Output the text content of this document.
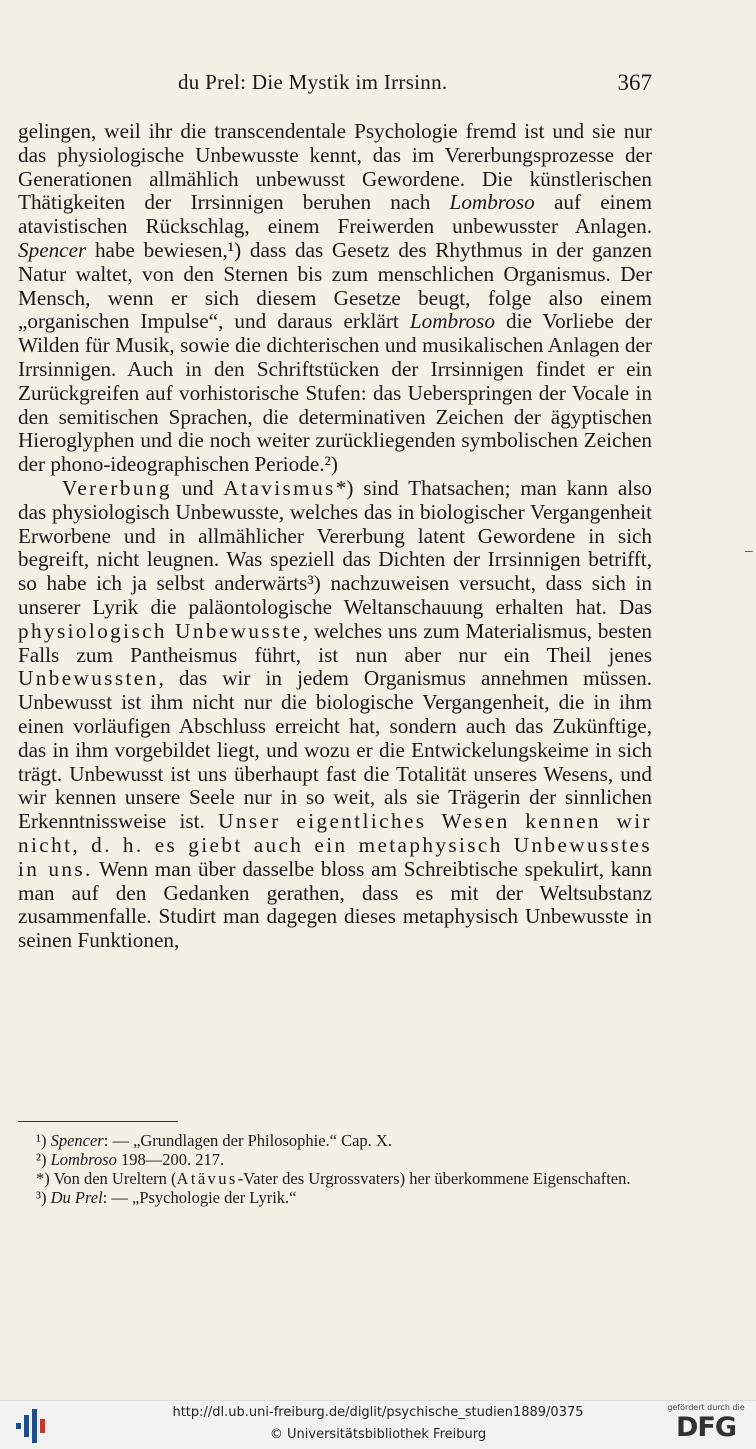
du Prel: Die Mystik im Irrsinn.	367

gelingen, weil ihr die transcendentale Psychologie fremd ist und sie nur das physiologische Unbewusste kennt, das im Vererbungsprozesse der Generationen allmählich unbewusst Gewordene. Die künstlerischen Thätigkeiten der Irrsinnigen beruhen nach Lombroso auf einem atavistischen Rückschlag, einem Freiwerden unbewusster Anlagen. Spencer habe bewiesen,¹) dass das Gesetz des Rhythmus in der ganzen Natur waltet, von den Sternen bis zum menschlichen Organismus. Der Mensch, wenn er sich diesem Gesetze beugt, folge also einem „organischen Impulse“, und daraus erklärt Lombroso die Vorliebe der Wilden für Musik, sowie die dichterischen und musikalischen Anlagen der Irrsinnigen. Auch in den Schriftstücken der Irrsinnigen findet er ein Zurückgreifen auf vorhistorische Stufen: das Ueberspringen der Vocale in den semitischen Sprachen, die determinativen Zeichen der ägyptischen Hieroglyphen und die noch weiter zurückliegenden symbolischen Zeichen der phono-ideographischen Periode.²)

Vererbung und Atavismus*) sind Thatsachen; man kann also das physiologisch Unbewusste, welches das in biologischer Vergangenheit Erworbene und in allmählicher Vererbung latent Gewordene in sich begreift, nicht leugnen. Was speziell das Dichten der Irrsinnigen betrifft, so habe ich ja selbst anderwärts³) nachzuweisen versucht, dass sich in unserer Lyrik die paläontologische Weltanschauung erhalten hat. Das physiologisch Unbewusste, welches uns zum Materialismus, besten Falls zum Pantheismus führt, ist nun aber nur ein Theil jenes Unbewussten, das wir in jedem Organismus annehmen müssen. Unbewusst ist ihm nicht nur die biologische Vergangenheit, die in ihm einen vorläufigen Abschluss erreicht hat, sondern auch das Zukünftige, das in ihm vorgebildet liegt, und wozu er die Entwickelungskeime in sich trägt. Unbewusst ist uns überhaupt fast die Totalität unseres Wesens, und wir kennen unsere Seele nur in so weit, als sie Trägerin der sinnlichen Erkenntnissweise ist. Unser eigentliches Wesen kennen wir nicht, d. h. es giebt auch ein metaphysisch Unbewusstes in uns. Wenn man über dasselbe bloss am Schreibtische spekulirt, kann man auf den Gedanken gerathen, dass es mit der Weltsubstanz zusammenfalle. Studirt man dagegen dieses metaphysisch Unbewusste in seinen Funktionen,

¹) Spencer: — „Grundlagen der Philosophie.“ Cap. X.

²) Lombroso 198—200. 217.

*) Von den Ureltern (Atävus-Vater des Urgrossvaters) her überkommene Eigenschaften.

³) Du Prel: — „Psychologie der Lyrik.“

http://dl.ub.uni-freiburg.de/diglit/psychische_studien1889/0375
© Universitätsbibliothek Freiburg
gefördert durch die
DFG
